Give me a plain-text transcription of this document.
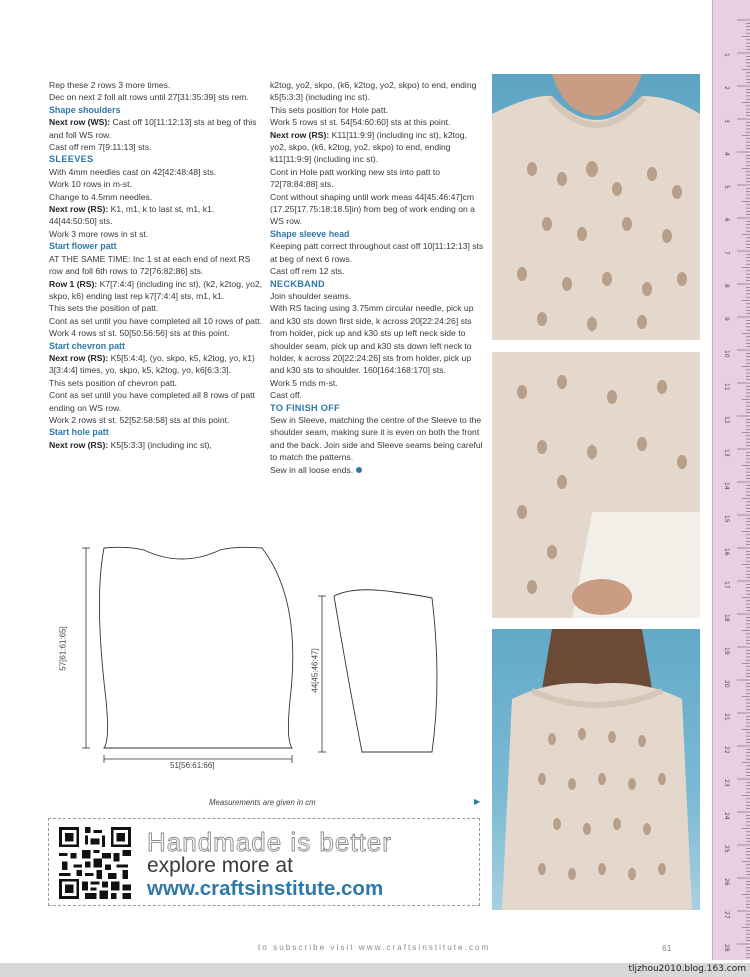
Rep these 2 rows 3 more times.

Dec on next 2 foll alt rows until 27[31:35:39] sts rem.

Shape shoulders

Next row (WS): Cast off 10[11:12:13] sts at beg of this and foll WS row.

Cast off rem 7[9:11:13] sts.

SLEEVES

With 4mm needles cast on 42[42:48:48] sts.

Work 10 rows in m-st.

Change to 4.5mm needles.

Next row (RS): K1, m1, k to last st, m1, k1. 44[44:50:50] sts.

Work 3 more rows in st st.

Start flower patt

AT THE SAME TIME: Inc 1 st at each end of next RS row and foll 6th rows to 72[76:82:86] sts.

Row 1 (RS): K7[7:4:4] (including inc st), (k2, k2tog, yo2, skpo, k6) ending last rep k7[7:4:4] sts, m1, k1.

This sets the position of patt.

Cont as set until you have completed all 10 rows of patt.

Work 4 rows st st. 50[50:56:56] sts at this point.

Start chevron patt

Next row (RS): K5[5:4:4], (yo, skpo, k5, k2tog, yo, k1) 3[3:4:4] times, yo, skpo, k5, k2tog, yo, k6[6:3:3].

This sets position of chevron patt.

Cont as set until you have completed all 8 rows of patt ending on WS row.

Work 2 rows st st. 52[52:58:58] sts at this point.

Start hole patt

Next row (RS): K5[5:3:3] (including inc st),

k2tog, yo2, skpo, (k6, k2tog, yo2, skpo) to end, ending k5[5:3:3] (including inc st).

This sets position for Hole patt.

Work 5 rows st st. 54[54:60:60] sts at this point.

Next row (RS): K11[11:9:9] (including inc st), k2tog, yo2, skpo, (k6, k2tog, yo2, skpo) to end, ending k11[11:9:9] (including inc st).

Cont in Hole patt working new sts into patt to 72[78:84:88] sts.

Cont without shaping until work meas 44[45:46:47]cm (17.25[17.75:18:18.5]in) from beg of work ending on a WS row.

Shape sleeve head

Keeping patt correct throughout cast off 10[11:12:13] sts at beg of next 6 rows.

Cast off rem 12 sts.

NECKBAND

Join shoulder seams.

With RS facing using 3.75mm circular needle, pick up and k30 sts down first side, k across 20[22:24:26] sts from holder, pick up and k30 sts up left neck side to shoulder seam, pick up and k30 sts down left neck to holder, k across 20[22:24:26] sts from holder, pick up and k30 sts to shoulder. 160[164:168:170] sts.

Work 5 rnds m-st.

Cast off.

TO FINISH OFF

Sew in Sleeve, matching the centre of the Sleeve to the shoulder seam, making sure it is even on both the front and the back. Join side and Sleeve seams being careful to match the patterns.

Sew in all loose ends.

1
2
3
4
5
6
7
8
9
10
11
12
13
14
15
16
17
18
19
20
21
22
23
24
25
26
27
28
57[61:61:65]
51[56:61:66]
44[45:46:47]
Measurements are given in cm	▶
Handmade is better
explore more at
www.craftsinstitute.com
to subscribe visit www.craftsinstitute.com	61
tljzhou2010.blog.163.com
